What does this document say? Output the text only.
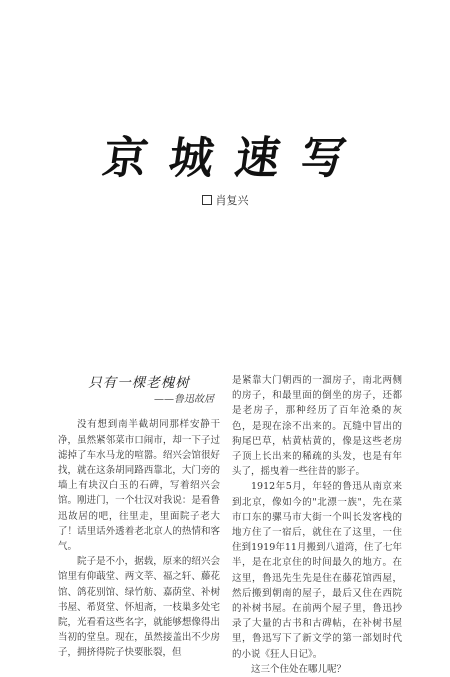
京城速写
肖复兴
只有一棵老槐树
——鲁迅故居

没有想到南半截胡同那样安静干净，虽然紧邻菜市口闹市，却一下子过滤掉了车水马龙的喧嚣。绍兴会馆很好找，就在这条胡同路西靠北，大门旁的墙上有块汉白玉的石碑，写着绍兴会馆。刚进门，一个壮汉对我说：是看鲁迅故居的吧，往里走，里面院子老大了！话里话外透着老北京人的热情和客气。

院子是不小，据载，原来的绍兴会馆里有仰蕺堂、两文莘、福之轩、藤花馆、鸽花别馆、绿竹舫、嘉荫堂、补树书屋、希贤堂、怀旭斋，一枝巢多处宅院，光看看这些名字，就能够想像得出当初的堂皇。现在，虽然接盖出不少房子，拥挤得院子快要胀裂，但

是紧靠大门朝西的一溜房子，南北两侧的房子，和最里面的倒坐的房子，还都是老房子，那种经历了百年沧桑的灰色，是现在涂不出来的。瓦缝中冒出的狗尾巴草，枯黄枯黄的，像是这些老房子顶上长出来的稀疏的头发，也是有年头了，摇曳着一些往昔的影子。

1912年5月，年轻的鲁迅从南京来到北京，像如今的"北漂一族"，先在菜市口东的骡马市大街一个叫长发客栈的地方住了一宿后，就住在了这里，一住住到1919年11月搬到八道湾，住了七年半，是在北京住的时间最久的地方。在这里，鲁迅先生先是住在藤花馆西屋，然后搬到朝南的屋子，最后又住在西院的补树书屋。在前两个屋子里，鲁迅抄录了大量的古书和古碑帖，在补树书屋里，鲁迅写下了新文学的第一部划时代的小说《狂人日记》。

这三个住处在哪儿呢？
